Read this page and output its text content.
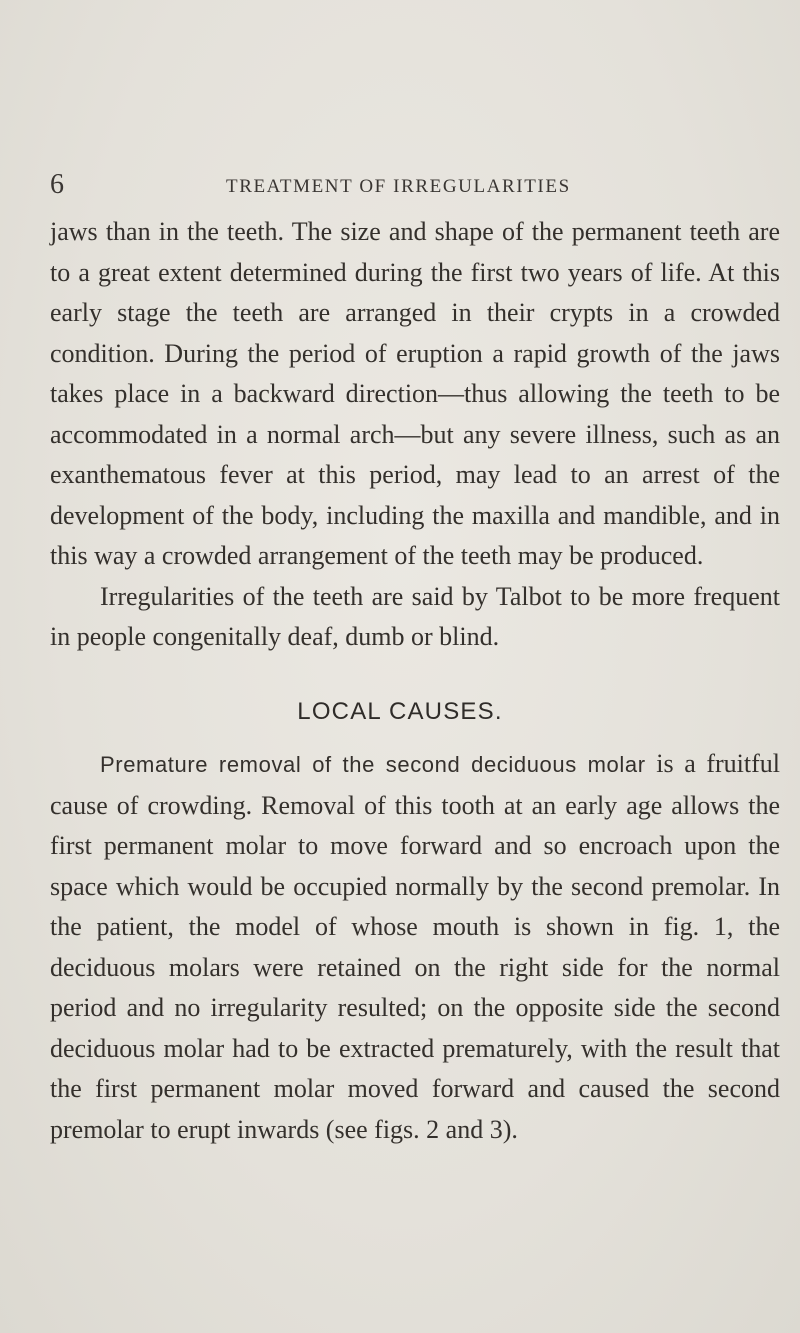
6	TREATMENT OF IRREGULARITIES

jaws than in the teeth. The size and shape of the permanent teeth are to a great extent determined during the first two years of life. At this early stage the teeth are arranged in their crypts in a crowded condition. During the period of eruption a rapid growth of the jaws takes place in a backward direction—thus allowing the teeth to be accommodated in a normal arch—but any severe illness, such as an exanthematous fever at this period, may lead to an arrest of the development of the body, including the maxilla and mandible, and in this way a crowded arrangement of the teeth may be produced.

Irregularities of the teeth are said by Talbot to be more frequent in people congenitally deaf, dumb or blind.

LOCAL CAUSES.

Premature removal of the second deciduous molar is a fruitful cause of crowding. Removal of this tooth at an early age allows the first permanent molar to move forward and so encroach upon the space which would be occupied normally by the second premolar. In the patient, the model of whose mouth is shown in fig. 1, the deciduous molars were retained on the right side for the normal period and no irregularity resulted; on the opposite side the second deciduous molar had to be extracted prematurely, with the result that the first permanent molar moved forward and caused the second premolar to erupt inwards (see figs. 2 and 3).
